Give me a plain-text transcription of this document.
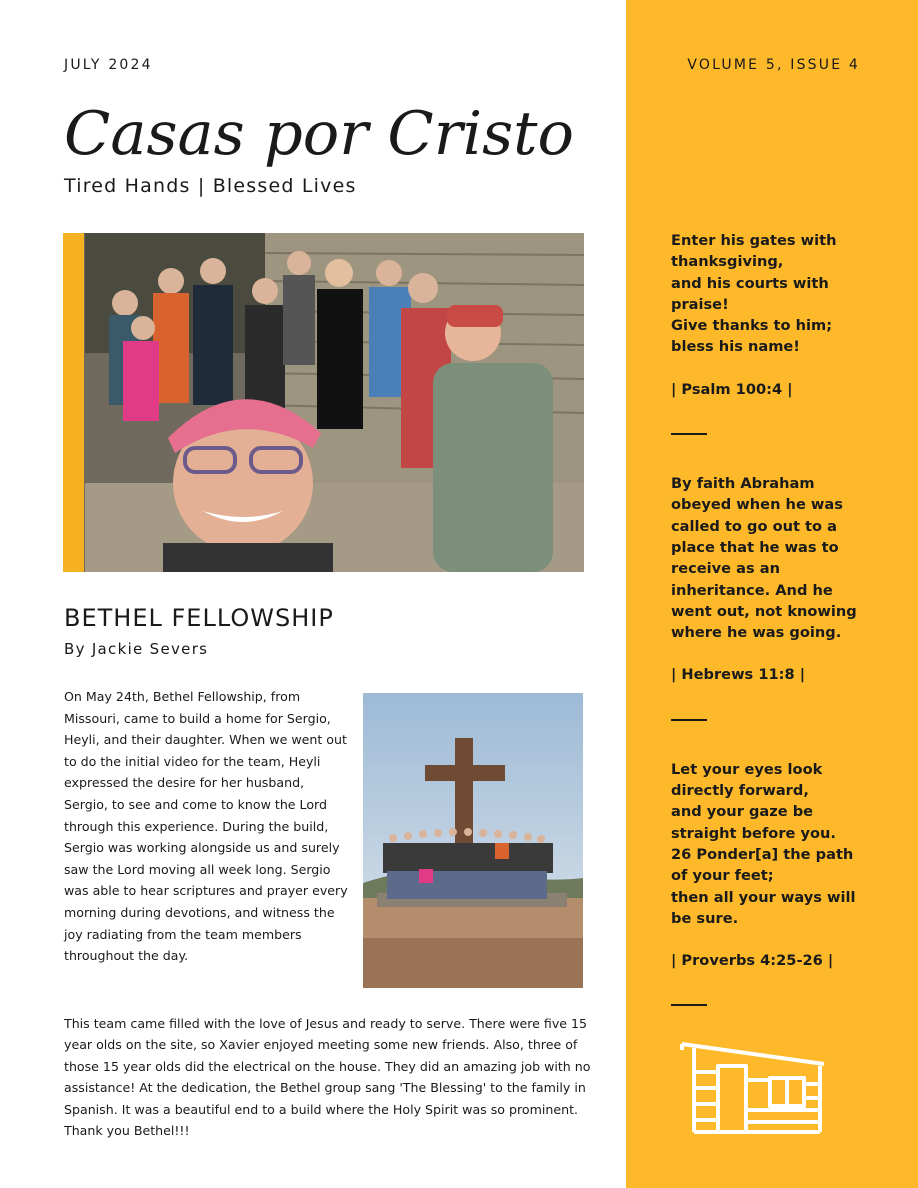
JULY 2024
Casas por Cristo
Tired Hands | Blessed Lives
BETHEL FELLOWSHIP
By Jackie Severs

On May 24th, Bethel Fellowship, from Missouri, came to build a home for Sergio, Heyli, and their daughter. When we went out to do the initial video for the team, Heyli expressed the desire for her husband, Sergio, to see and come to know the Lord through this experience. During the build, Sergio was working alongside us and surely saw the Lord moving all week long. Sergio was able to hear scriptures and prayer every morning during devotions, and witness the joy radiating from the team members throughout the day.

This team came filled with the love of Jesus and ready to serve. There were five 15 year olds on the site, so Xavier enjoyed meeting some new friends. Also, three of those 15 year olds did the electrical on the house. They did an amazing job with no assistance! At the dedication, the Bethel group sang 'The Blessing' to the family in Spanish. It was a beautiful end to a build where the Holy Spirit was so prominent. Thank you Bethel!!!

VOLUME 5, ISSUE 4
Enter his gates with thanksgiving,
and his courts with praise!
Give thanks to him; bless his name!
| Psalm 100:4 |
By faith Abraham obeyed when he was called to go out to a place that he was to receive as an inheritance. And he went out, not knowing where he was going.
| Hebrews 11:8 |
Let your eyes look directly forward,
and your gaze be straight before you.
26 Ponder[a] the path of your feet;
then all your ways will be sure.
| Proverbs 4:25-26 |
